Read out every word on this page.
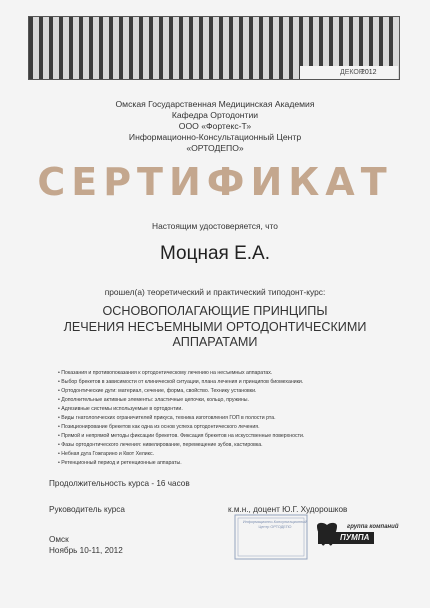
ДЕКОР
2012
Омская Государственная Медицинская Академия
Кафедра Ортодонтии
ООО «Фортекс-Т»
Информационно-Консультационный Центр «ОРТОДЕПО»
СЕРТИФИКАТ
Настоящим удостоверяется, что
Моцная Е.А.
прошел(а) теоретический и практический типодонт-курс:
ОСНОВОПОЛАГАЮЩИЕ ПРИНЦИПЫ
ЛЕЧЕНИЯ НЕСЪЕМНЫМИ ОРТОДОНТИЧЕСКИМИ
АППАРАТАМИ
• Показания и противопоказания к ортодонтическому лечению на несъемных аппаратах.
• Выбор брекетов в зависимости от клинической ситуации, плана лечения и принципов биомеханики.
• Ортодонтические дуги: материал, сечение, форма, свойство. Технику установки.
• Дополнительные активные элементы: эластичные цепочки, кольцо, пружины.
• Адгезивные системы используемые в ортодонтии.
• Виды гнатологических ограничителей прикуса, техника изготовления ГОП в полости рта.
• Позиционирование брекетов как одна из основ успеха ортодонтического лечения.
• Прямой и непрямой методы фиксации брекетов. Фиксация брекетов на искусственные поверхности.
• Фазы ортодонтического лечения: нивелирование, перемещение зубов, кастировка.
• Небная дуга Гожгарино и Квот Хеликс.
• Ретенционный период и ретенционные аппараты.
Продолжительность курса - 16 часов
Руководитель курса	к.м.н., доцент Ю.Г. Худорошков
Омск
Ноябрь 10-11, 2012
Информационно-Консультационный Центр ОРТОДЕПО	группа компаний
ПУМПА
